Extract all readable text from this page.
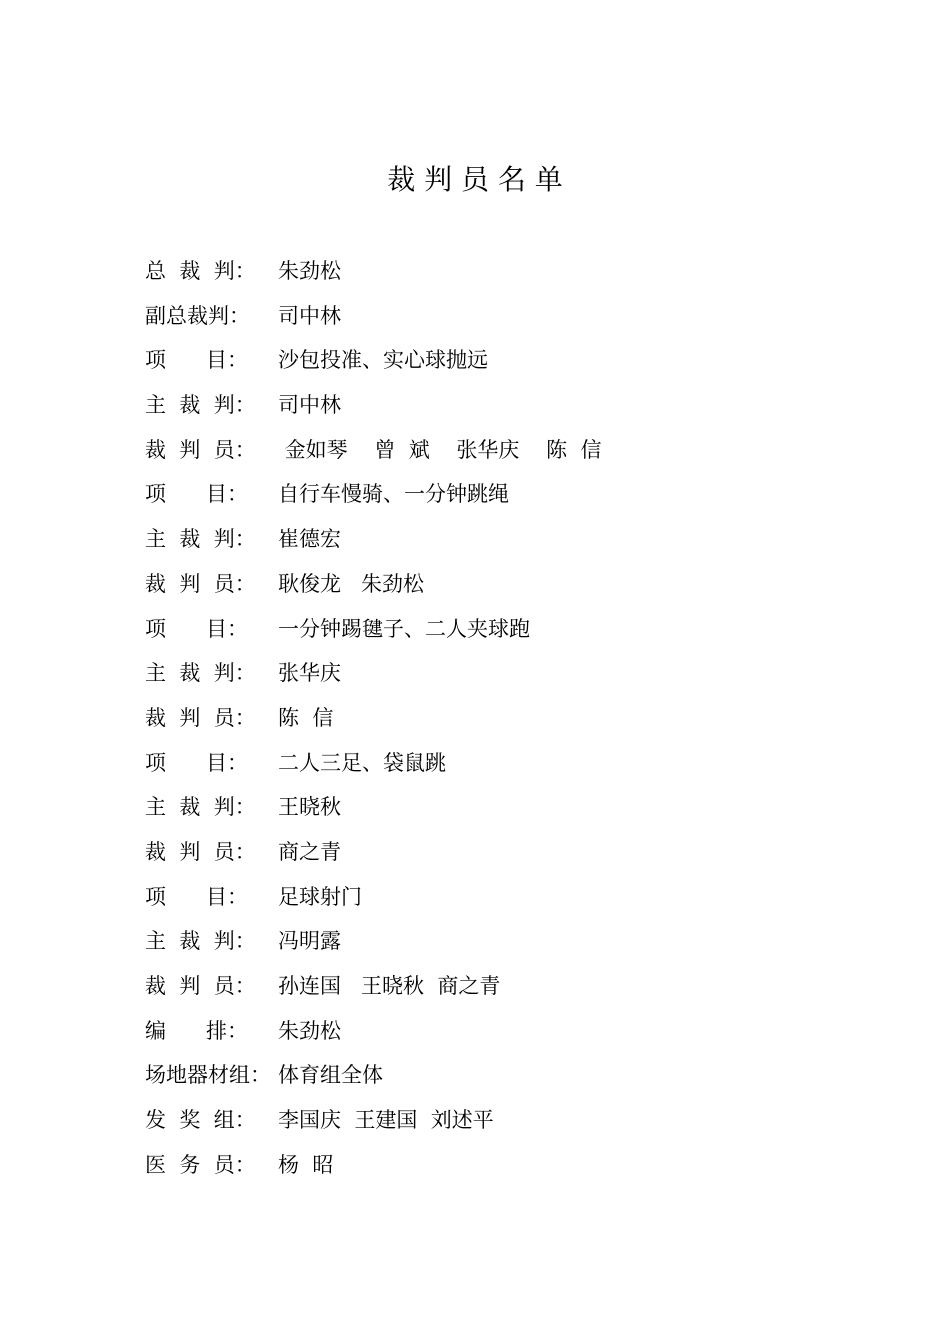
裁 判 员 名 单
总  裁  判：	朱劲松
副总裁判：	司中林
项      目：	沙包投准、实心球抛远
主  裁  判：	司中林
裁  判  员：	金如琴    曾  斌    张华庆    陈  信
项      目：	自行车慢骑、一分钟跳绳
主  裁  判：	崔德宏
裁  判  员：	耿俊龙   朱劲松
项      目：	一分钟踢毽子、二人夹球跑
主  裁  判：	张华庆
裁  判  员：	陈  信
项      目：	二人三足、袋鼠跳
主  裁  判：	王晓秋
裁  判  员：	商之青
项      目：	足球射门
主  裁  判：	冯明露
裁  判  员：	孙连国   王晓秋  商之青
编      排：	朱劲松
场地器材组： 体育组全体
发  奖  组：	李国庆  王建国  刘述平
医  务  员：	杨  昭
